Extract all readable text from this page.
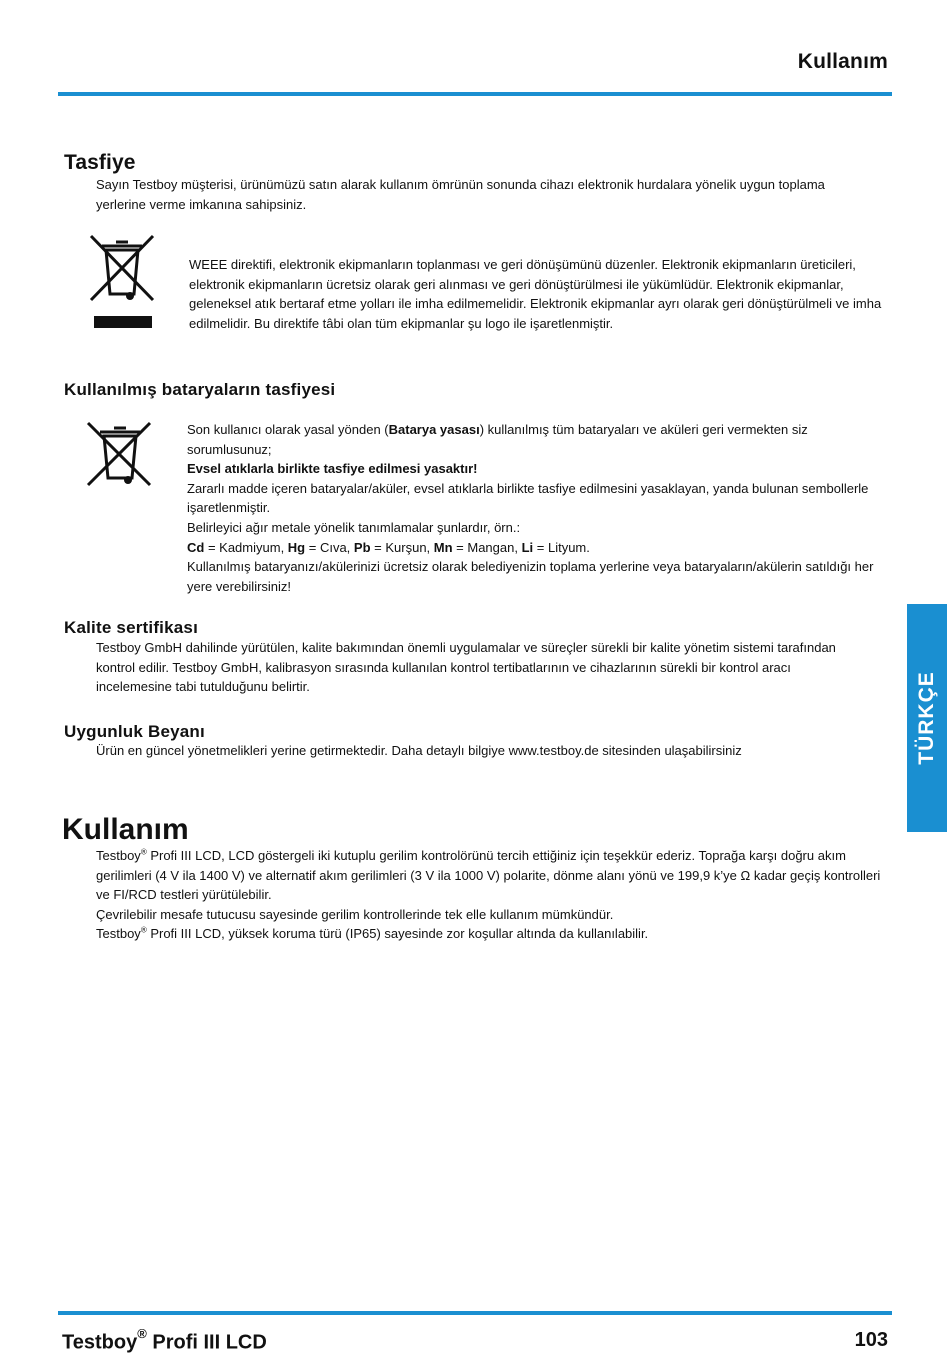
Kullanım
Tasfiye
Sayın Testboy müşterisi, ürünümüzü satın alarak kullanım ömrünün sonunda cihazı elektronik hurdalara yönelik uygun toplama yerlerine verme imkanına sahipsiniz.
WEEE direktifi, elektronik ekipmanların toplanması ve geri dönüşümünü düzenler. Elektronik ekipmanların üreticileri, elektronik ekipmanların ücretsiz olarak geri alınması ve geri dönüştürülmesi ile yükümlüdür. Elektronik ekipmanlar, geleneksel atık bertaraf etme yolları ile imha edilmemelidir. Elektronik ekipmanlar ayrı olarak geri dönüştürülmeli ve imha edilmelidir. Bu direktife tâbi olan tüm ekipmanlar şu logo ile işaretlenmiştir.
Kullanılmış bataryaların tasfiyesi

Son kullanıcı olarak yasal yönden (Batarya yasası) kullanılmış tüm bataryaları ve aküleri geri vermekten siz sorumlusunuz;

Evsel atıklarla birlikte tasfiye edilmesi yasaktır!

Zararlı madde içeren bataryalar/aküler, evsel atıklarla birlikte tasfiye edilmesini yasaklayan, yanda bulunan sembollerle işaretlenmiştir.

Belirleyici ağır metale yönelik tanımlamalar şunlardır, örn.:

Cd = Kadmiyum, Hg = Cıva, Pb = Kurşun, Mn = Mangan, Li = Lityum.

Kullanılmış bataryanızı/akülerinizi ücretsiz olarak belediyenizin toplama yerlerine veya bataryaların/akülerin satıldığı her yere verebilirsiniz!

Kalite sertifikası
Testboy GmbH dahilinde yürütülen, kalite bakımından önemli uygulamalar ve süreçler sürekli bir kalite yönetim sistemi tarafından kontrol edilir. Testboy GmbH, kalibrasyon sırasında kullanılan kontrol tertibatlarının ve cihazlarının sürekli bir kontrol aracı incelemesine tabi tutulduğunu belirtir.
Uygunluk Beyanı
Ürün en güncel yönetmelikleri yerine getirmektedir. Daha detaylı bilgiye www.testboy.de sitesinden ulaşabilirsiniz	TÜRKÇE
Kullanım

Testboy® Profi III LCD, LCD göstergeli iki kutuplu gerilim kontrolörünü tercih ettiğiniz için teşekkür ederiz. Toprağa karşı doğru akım gerilimleri (4 V ila 1400 V) ve alternatif akım gerilimleri (3 V ila 1000 V) polarite, dönme alanı yönü ve 199,9 k’ye Ω kadar geçiş kontrolleri ve FI/RCD testleri yürütülebilir.

Çevrilebilir mesafe tutucusu sayesinde gerilim kontrollerinde tek elle kullanım mümkündür.

Testboy® Profi III LCD, yüksek koruma türü (IP65) sayesinde zor koşullar altında da kullanılabilir.

Testboy® Profi III LCD	103
